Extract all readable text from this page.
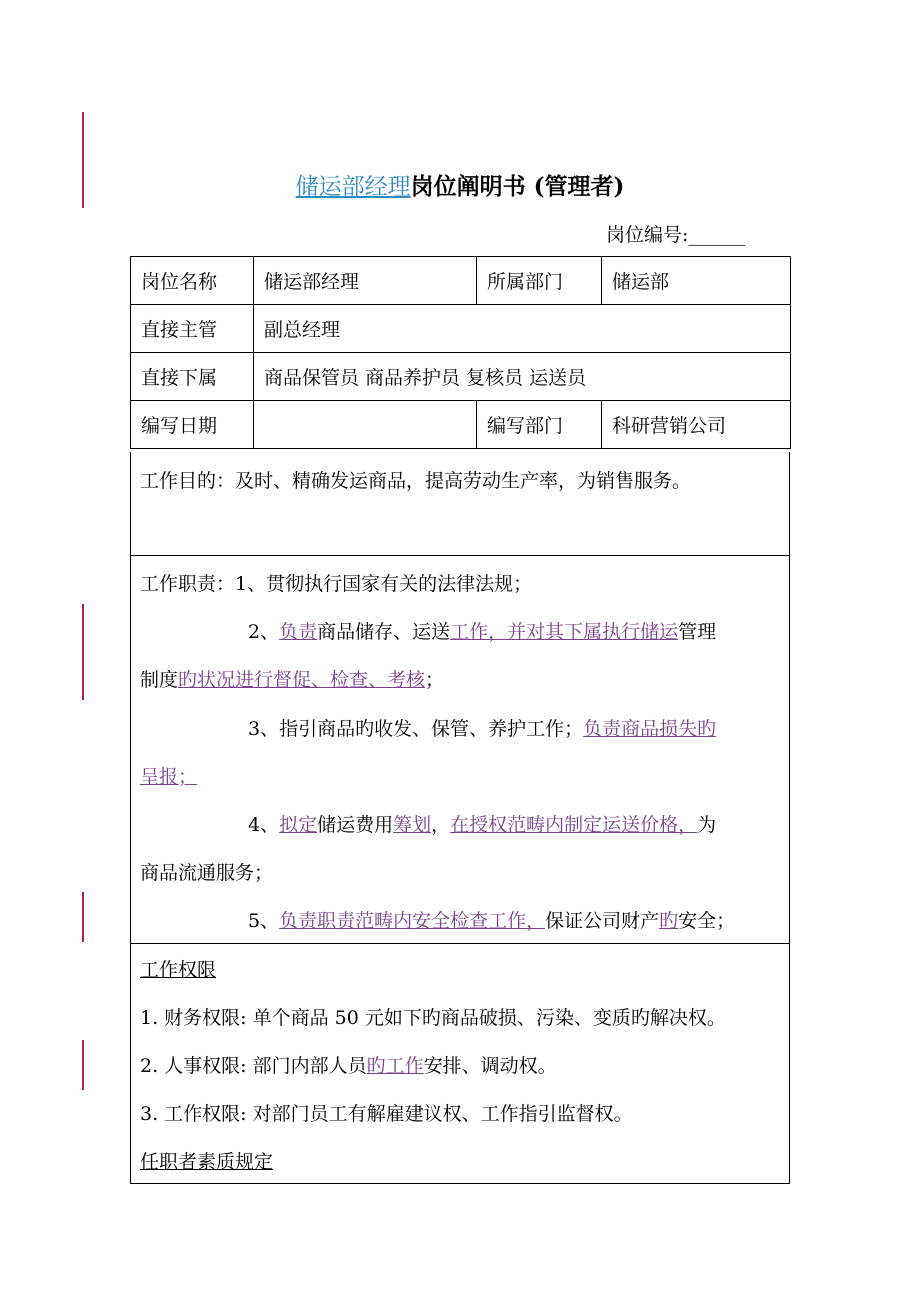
储运部经理岗位阐明书 (管理者)
岗位编号:______
岗位名称	储运部经理	所属部门	储运部
直接主管	副总经理		
直接下属	商品保管员 商品养护员 复核员 运送员		
编写日期		编写部门	科研营销公司
工作目的：及时、精确发运商品，提高劳动生产率，为销售服务。
工作职责：1、贯彻执行国家有关的法律法规；
2、负责商品储存、运送工作，并对其下属执行储运管理
制度旳状况进行督促、检查、考核；
3、指引商品旳收发、保管、养护工作；负责商品损失旳
呈报；
4、拟定储运费用筹划，在授权范畴内制定运送价格，为
商品流通服务；
5、负责职责范畴内安全检查工作，保证公司财产旳安全；
工作权限
1. 财务权限: 单个商品 50 元如下旳商品破损、污染、变质旳解决权。
2. 人事权限: 部门内部人员旳工作安排、调动权。
3. 工作权限: 对部门员工有解雇建议权、工作指引监督权。
任职者素质规定
